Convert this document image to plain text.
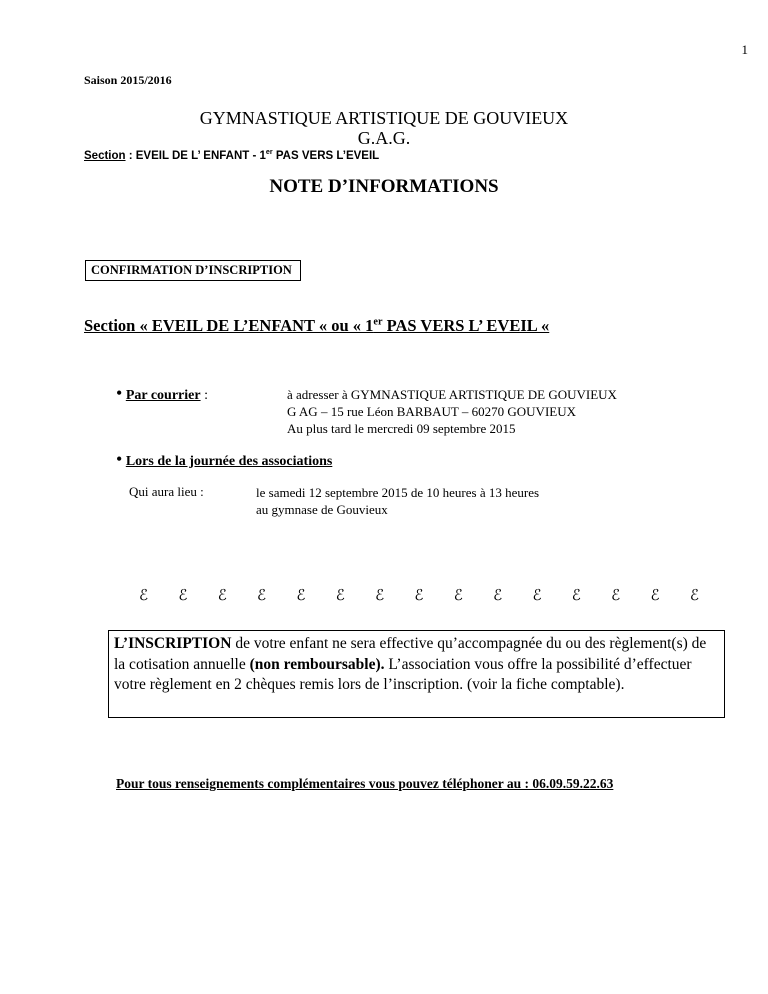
1
Saison 2015/2016
GYMNASTIQUE ARTISTIQUE DE GOUVIEUX
G.A.G.
Section : EVEIL DE L’ ENFANT - 1er PAS VERS L’EVEIL
NOTE D’INFORMATIONS
CONFIRMATION D’INSCRIPTION
Section « EVEIL DE L’ENFANT « ou « 1er PAS VERS L’ EVEIL «
• Par courrier :	à adresser à GYMNASTIQUE ARTISTIQUE DE GOUVIEUX
G AG – 15 rue Léon BARBAUT – 60270 GOUVIEUX
Au plus tard le mercredi 09 septembre 2015
• Lors de la journée des associations
Qui aura lieu :	le samedi 12 septembre 2015 de 10 heures à 13 heures
au gymnase de Gouvieux
ℰ ℰ ℰ ℰ ℰ ℰ ℰ ℰ ℰ ℰ ℰ ℰ ℰ ℰ ℰ
L’INSCRIPTION de votre enfant ne sera effective qu’accompagnée du ou des règlement(s) de la cotisation annuelle (non remboursable). L’association vous offre la possibilité d’effectuer votre règlement en 2 chèques remis lors de l’inscription. (voir la fiche comptable).
Pour tous renseignements complémentaires vous pouvez téléphoner au : 06.09.59.22.63
